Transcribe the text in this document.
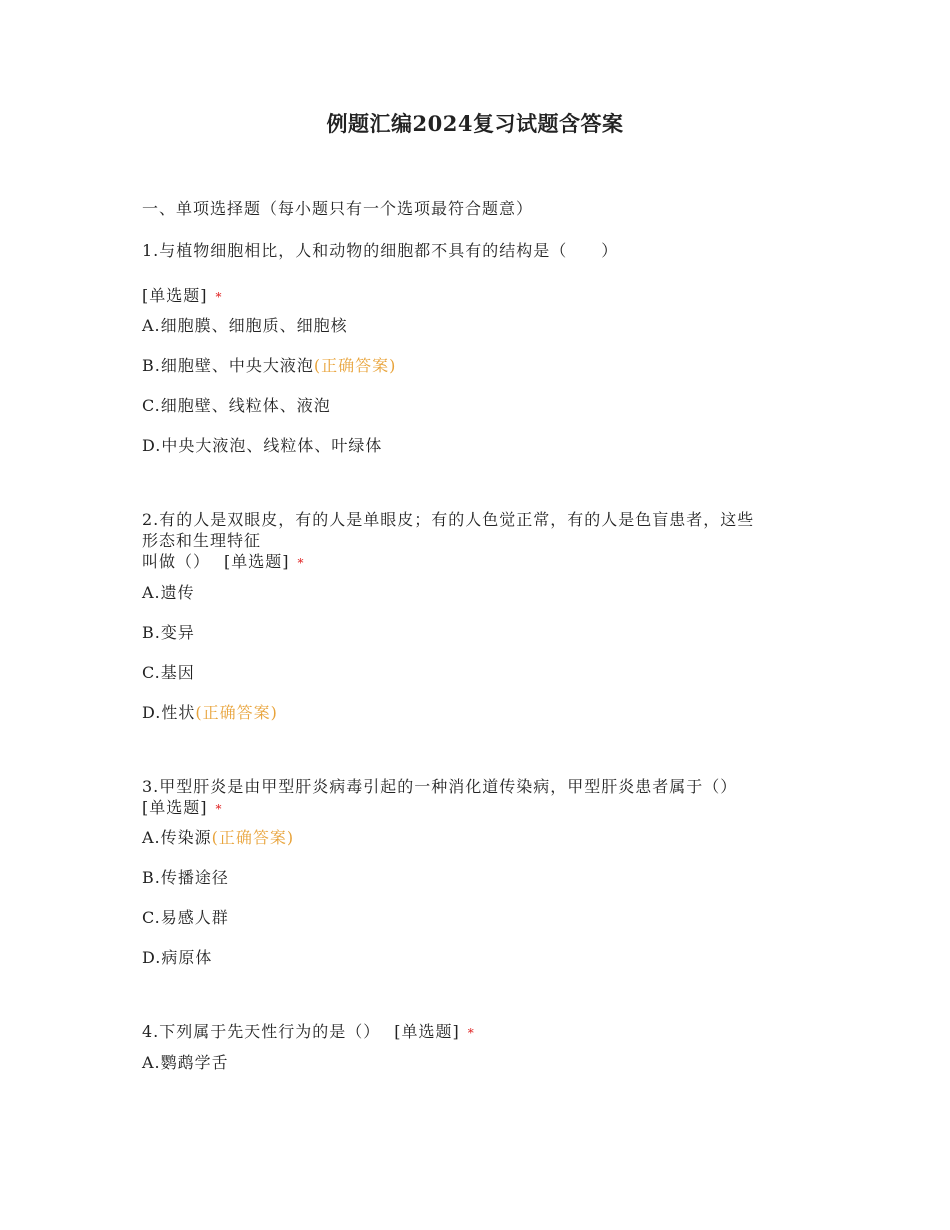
例题汇编2024复习试题含答案
一、单项选择题（每小题只有一个选项最符合题意）
1.与植物细胞相比，人和动物的细胞都不具有的结构是（　　）
[单选题] *
A.细胞膜、细胞质、细胞核
B.细胞壁、中央大液泡(正确答案)
C.细胞壁、线粒体、液泡
D.中央大液泡、线粒体、叶绿体
2.有的人是双眼皮，有的人是单眼皮；有的人色觉正常，有的人是色盲患者，这些
形态和生理特征
叫做（） [单选题] *
A.遗传
B.变异
C.基因
D.性状(正确答案)
3.甲型肝炎是由甲型肝炎病毒引起的一种消化道传染病，甲型肝炎患者属于（）
[单选题] *
A.传染源(正确答案)
B.传播途径
C.易感人群
D.病原体
4.下列属于先天性行为的是（） [单选题] *
A.鹦鹉学舌
